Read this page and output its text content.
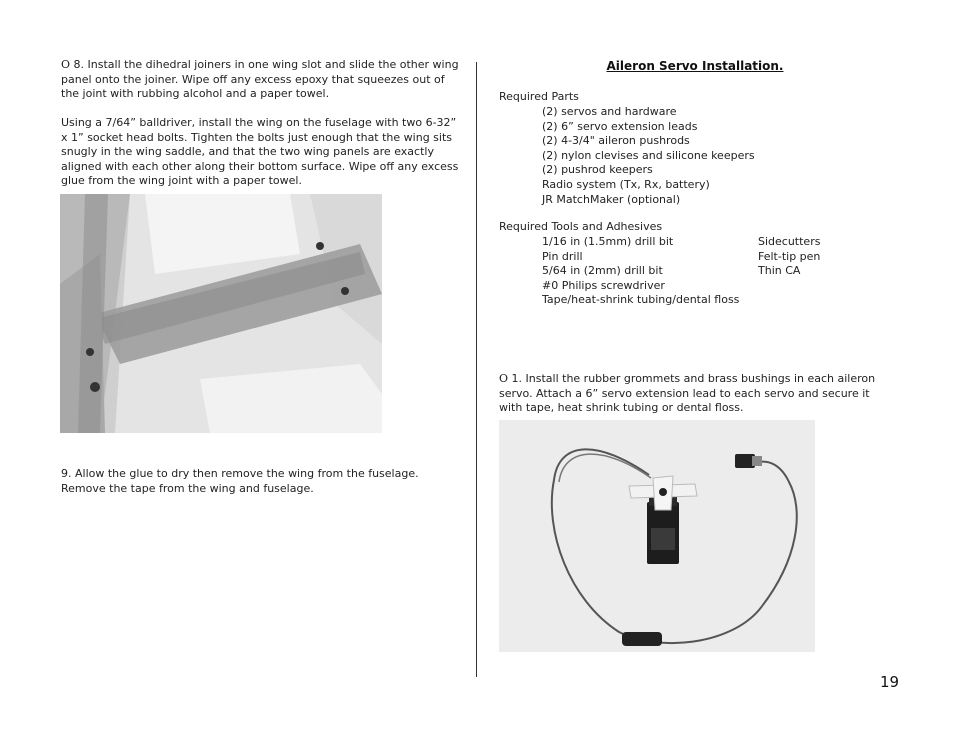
O 8. Install the dihedral joiners in one wing slot and slide the other wing panel onto the joiner. Wipe off any excess epoxy that squeezes out of the joint with rubbing alcohol and a paper towel.

Using a 7/64” balldriver, install the wing on the fuselage with two 6-32” x 1” socket head bolts. Tighten the bolts just enough that the wing sits snugly in the wing saddle, and that the two wing panels are exactly aligned with each other along their bottom surface. Wipe off any excess glue from the wing joint with a paper towel.

9. Allow the glue to dry then remove the wing from the fuselage. Remove the tape from the wing and fuselage.

Aileron Servo Installation.
Required Parts
(2) servos and hardware
(2) 6” servo extension leads
(2) 4-3/4" aileron pushrods
(2) nylon clevises and silicone keepers
(2) pushrod keepers
Radio system (Tx, Rx, battery)
JR MatchMaker (optional)
Required Tools and Adhesives
1/16 in (1.5mm) drill bit
Pin drill
5/64 in (2mm) drill bit
#0 Philips screwdriver
Tape/heat-shrink tubing/dental floss
Sidecutters
Felt-tip pen
Thin CA

O 1. Install the rubber grommets and brass bushings in each aileron servo. Attach a 6” servo extension lead to each servo and secure it with tape, heat shrink tubing or dental floss.

19
